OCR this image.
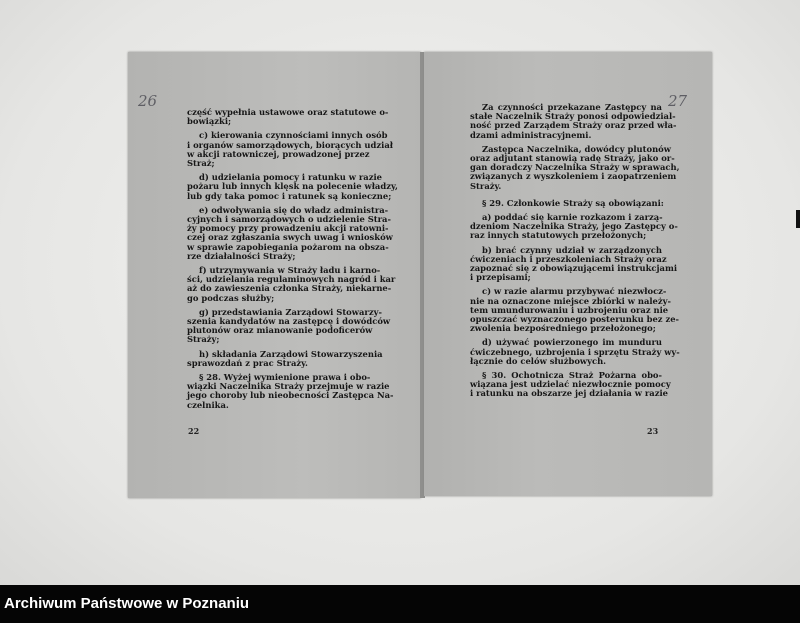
26
część wypełnia ustawowe oraz statutowe o-
bowiązki;
c) kierowania czynnościami innych osób
i organów samorządowych, biorących udział
w akcji ratowniczej, prowadzonej przez
Straż;
d) udzielania pomocy i ratunku w razie
pożaru lub innych klęsk na polecenie władzy,
lub gdy taka pomoc i ratunek są konieczne;
e) odwoływania się do władz administra-
cyjnych i samorządowych o udzielenie Stra-
ży pomocy przy prowadzeniu akcji ratowni-
czej oraz zgłaszania swych uwag i wniosków
w sprawie zapobiegania pożarom na obsza-
rze działalności Straży;
f) utrzymywania w Straży ładu i karno-
ści, udzielania regulaminowych nagród i kar
aż do zawieszenia członka Straży, niekarne-
go podczas służby;
g) przedstawiania Zarządowi Stowarzy-
szenia kandydatów na zastępcę i dowódców
plutonów oraz mianowanie podoficerów
Straży;
h) składania Zarządowi Stowarzyszenia
sprawozdań z prac Straży.
§ 28. Wyżej wymienione prawa i obo-
wiązki Naczelnika Straży przejmuje w razie
jego choroby lub nieobecności Zastępca Na-
czelnika.
22
27
Za czynności przekazane Zastępcy na
stałe Naczelnik Straży ponosi odpowiedzial-
ność przed Zarządem Straży oraz przed wła-
dzami administracyjnemi.
Zastępca Naczelnika, dowódcy plutonów
oraz adjutant stanowią radę Straży, jako or-
gan doradczy Naczelnika Straży w sprawach,
związanych z wyszkoleniem i zaopatrzeniem
Straży.
§ 29. Członkowie Straży są obowiązani:
a) poddać się karnie rozkazom i zarzą-
dzeniom Naczelnika Straży, jego Zastępcy o-
raz innych statutowych przełożonych;
b) brać czynny udział w zarządzonych
ćwiczeniach i przeszkoleniach Straży oraz
zapoznać się z obowiązującemi instrukcjami
i przepisami;
c) w razie alarmu przybywać niezwłocz-
nie na oznaczone miejsce zbiórki w należy-
tem umundurowaniu i uzbrojeniu oraz nie
opuszczać wyznaczonego posterunku bez ze-
zwolenia bezpośredniego przełożonego;
d) używać powierzonego im munduru
ćwiczebnego, uzbrojenia i sprzętu Straży wy-
łącznie do celów służbowych.
§ 30. Ochotnicza Straż Pożarna obo-
wiązana jest udzielać niezwłocznie pomocy
i ratunku na obszarze jej działania w razie
23
Archiwum Państwowe w Poznaniu
